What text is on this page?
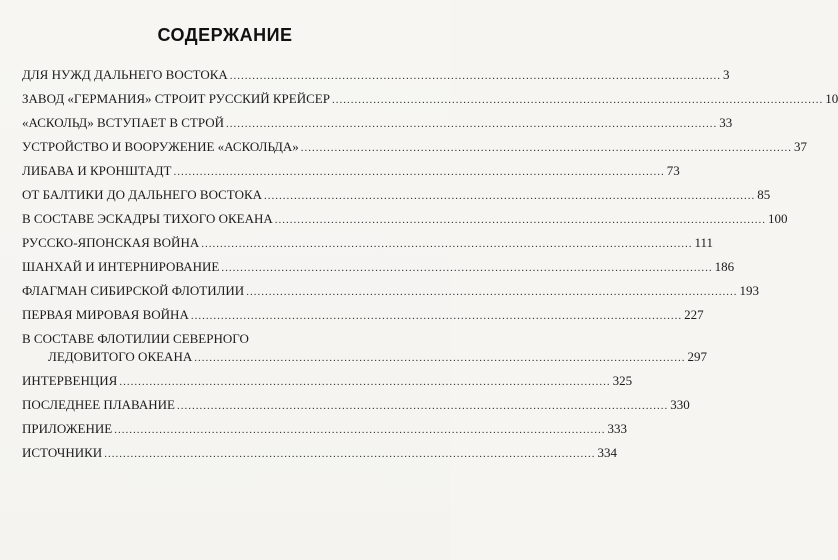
СОДЕРЖАНИЕ
ДЛЯ НУЖД ДАЛЬНЕГО ВОСТОКА ................................................................................................................................... 3
ЗАВОД «ГЕРМАНИЯ» СТРОИТ РУССКИЙ КРЕЙСЕР ................................................................................................................................... 10
«АСКОЛЬД» ВСТУПАЕТ В СТРОЙ ................................................................................................................................... 33
УСТРОЙСТВО И ВООРУЖЕНИЕ «АСКОЛЬДА» ................................................................................................................................... 37
ЛИБАВА И КРОНШТАДТ ................................................................................................................................... 73
ОТ БАЛТИКИ ДО ДАЛЬНЕГО ВОСТОКА ................................................................................................................................... 85
В СОСТАВЕ ЭСКАДРЫ ТИХОГО ОКЕАНА ................................................................................................................................... 100
РУССКО-ЯПОНСКАЯ ВОЙНА ................................................................................................................................... 111
ШАНХАЙ И ИНТЕРНИРОВАНИЕ ................................................................................................................................... 186
ФЛАГМАН СИБИРСКОЙ ФЛОТИЛИИ ................................................................................................................................... 193
ПЕРВАЯ МИРОВАЯ ВОЙНА ................................................................................................................................... 227
В СОСТАВЕ ФЛОТИЛИИ СЕВЕРНОГО
ЛЕДОВИТОГО ОКЕАНА ................................................................................................................................... 297
ИНТЕРВЕНЦИЯ ................................................................................................................................... 325
ПОСЛЕДНЕЕ ПЛАВАНИЕ ................................................................................................................................... 330
ПРИЛОЖЕНИЕ ................................................................................................................................... 333
ИСТОЧНИКИ ................................................................................................................................... 334
